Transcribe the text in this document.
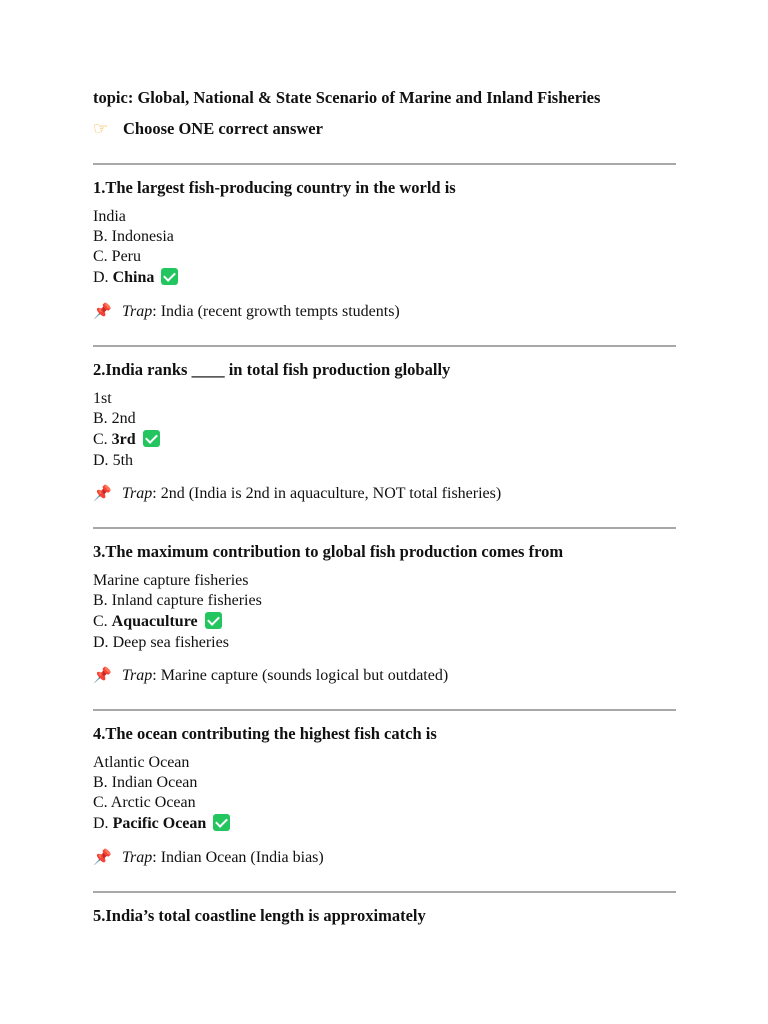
topic: Global, National & State Scenario of Marine and Inland Fisheries
☞ Choose ONE correct answer
1.The largest fish-producing country in the world is
India
B. Indonesia
C. Peru
D. China
📌 Trap: India (recent growth tempts students)
2.India ranks ____ in total fish production globally
1st
B. 2nd
C. 3rd
D. 5th
📌 Trap: 2nd (India is 2nd in aquaculture, NOT total fisheries)
3.The maximum contribution to global fish production comes from
Marine capture fisheries
B. Inland capture fisheries
C. Aquaculture
D. Deep sea fisheries
📌 Trap: Marine capture (sounds logical but outdated)
4.The ocean contributing the highest fish catch is
Atlantic Ocean
B. Indian Ocean
C. Arctic Ocean
D. Pacific Ocean
📌 Trap: Indian Ocean (India bias)
5.India’s total coastline length is approximately
